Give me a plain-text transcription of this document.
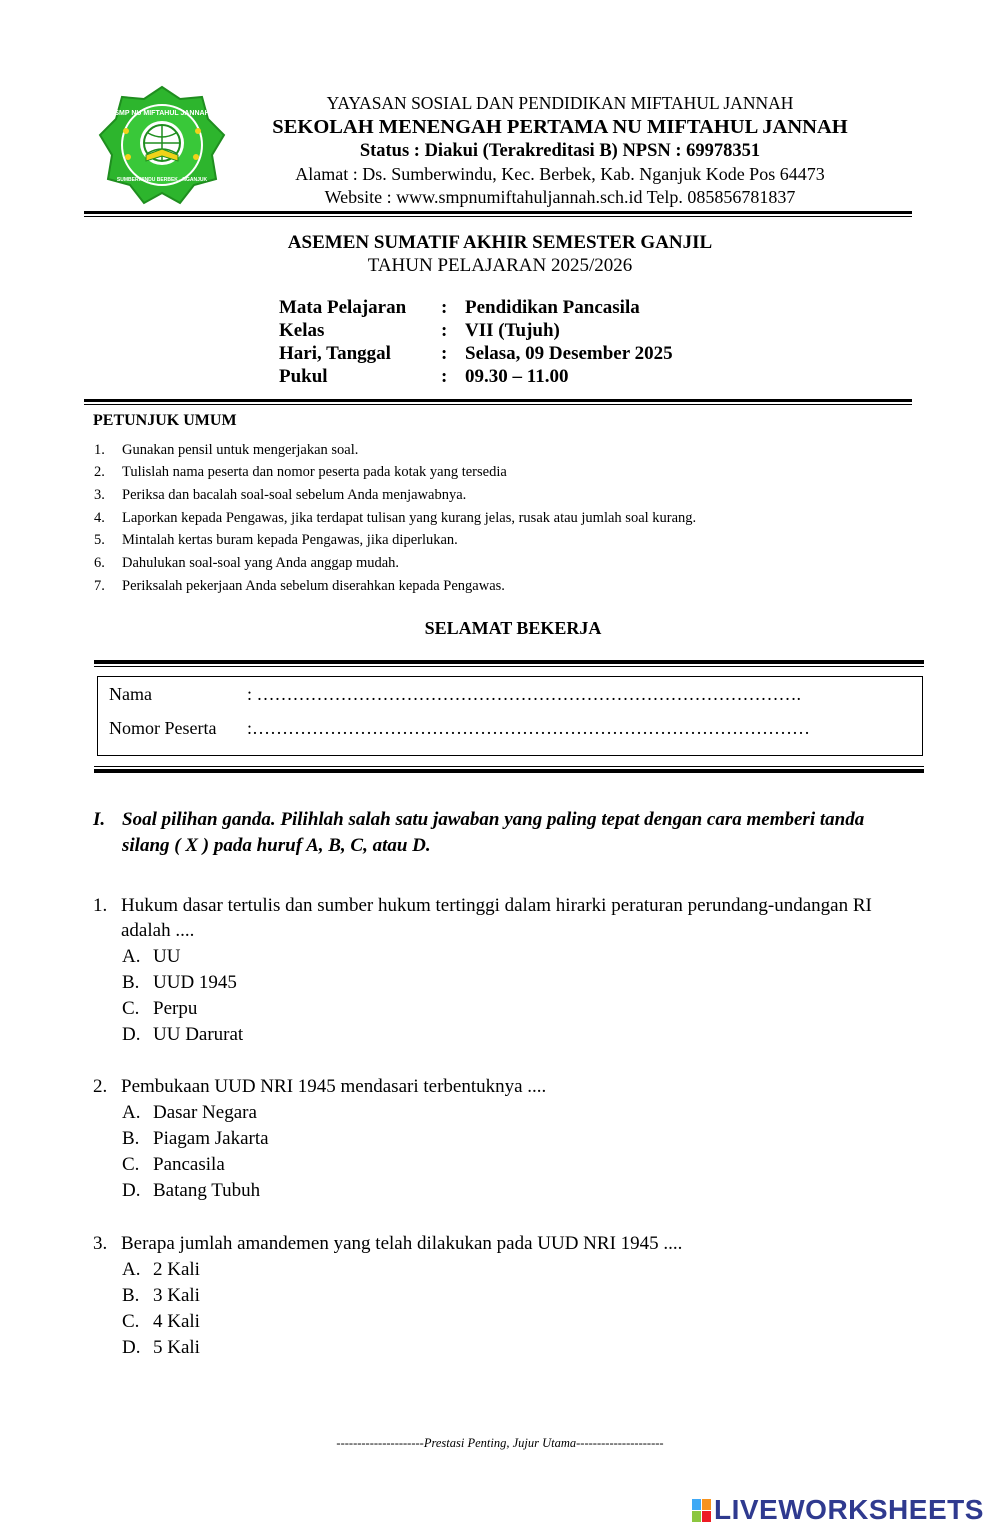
SMP NU MIFTAHUL JANNAH
SUMBERWINDU BERBEK - NGANJUK
YAYASAN SOSIAL DAN PENDIDIKAN MIFTAHUL JANNAH
SEKOLAH MENENGAH PERTAMA NU MIFTAHUL JANNAH
Status : Diakui (Terakreditasi B) NPSN : 69978351
Alamat : Ds. Sumberwindu, Kec. Berbek, Kab. Nganjuk Kode Pos 64473
Website : www.smpnumiftahuljannah.sch.id Telp. 085856781837
ASEMEN SUMATIF AKHIR SEMESTER GANJIL
TAHUN PELAJARAN 2025/2026
Mata Pelajaran : Pendidikan Pancasila
Kelas	: VII (Tujuh)
Hari, Tanggal	: Selasa, 09 Desember 2025
Pukul	: 09.30 – 11.00
PETUNJUK UMUM
1. Gunakan pensil untuk mengerjakan soal.
2. Tulislah nama peserta dan nomor peserta pada kotak yang tersedia
3. Periksa dan bacalah soal-soal sebelum Anda menjawabnya.
4. Laporkan kepada Pengawas, jika terdapat tulisan yang kurang jelas, rusak atau jumlah soal kurang.
5. Mintalah kertas buram kepada Pengawas, jika diperlukan.
6. Dahulukan soal-soal yang Anda anggap mudah.
7. Periksalah pekerjaan Anda sebelum diserahkan kepada Pengawas.
SELAMAT BEKERJA
Nama	: ……………………………………………………………………………….
Nomor Peserta :…………………………………………………………………………………
I. Soal pilihan ganda. Pilihlah salah satu jawaban yang paling tepat dengan cara memberi tanda
silang ( X ) pada huruf A, B, C, atau D.
1. Hukum dasar tertulis dan sumber hukum tertinggi dalam hirarki peraturan perundang-undangan RI
adalah ....
A. UU
B. UUD 1945
C. Perpu
D. UU Darurat
2. Pembukaan UUD NRI 1945 mendasari terbentuknya ....
A. Dasar Negara
B. Piagam Jakarta
C. Pancasila
D. Batang Tubuh
3. Berapa jumlah amandemen yang telah dilakukan pada UUD NRI 1945 ....
A. 2 Kali
B. 3 Kali
C. 4 Kali
D. 5 Kali
---------------------Prestasi Penting, Jujur Utama---------------------
LIVEWORKSHEETS
